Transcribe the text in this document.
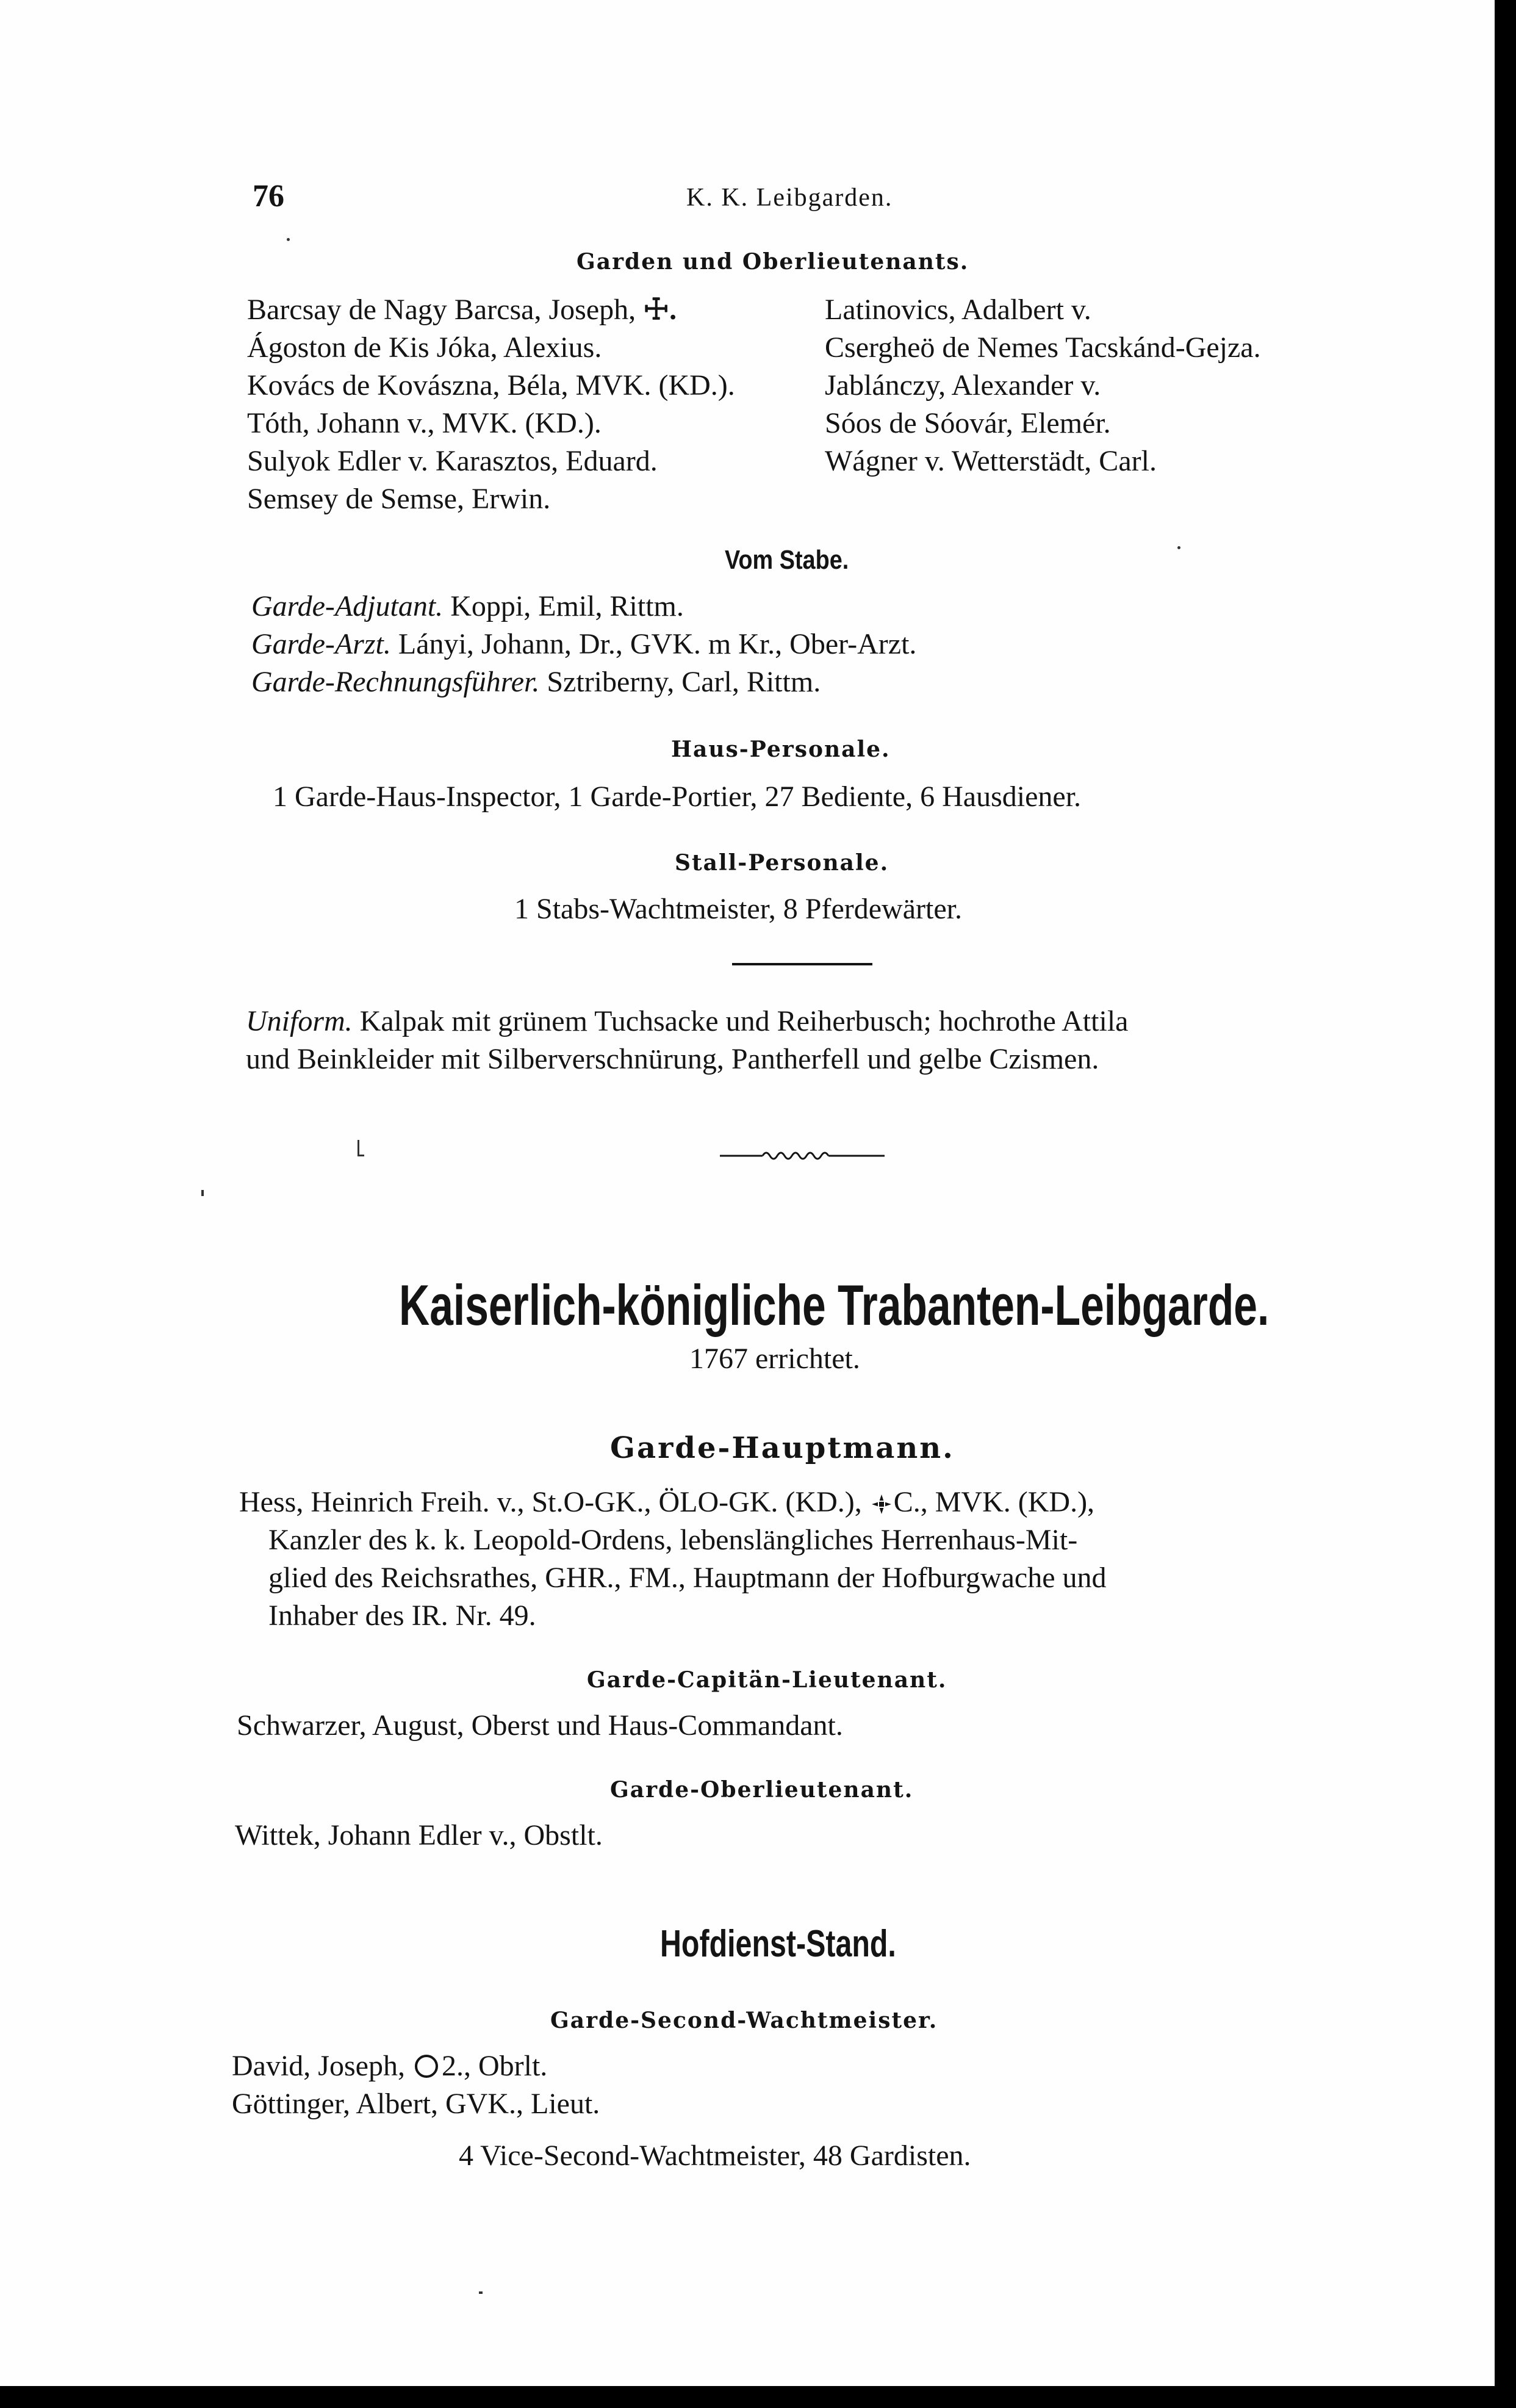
76	K. K. Leibgarden.
Garden und Oberlieutenants.
Barcsay de Nagy Barcsa, Joseph, ☩.
Ágoston de Kis Jóka, Alexius.
Kovács de Kovászna, Béla, MVK. (KD.).
Tóth, Johann v., MVK. (KD.).
Sulyok Edler v. Karasztos, Eduard.
Semsey de Semse, Erwin.
Latinovics, Adalbert v.
Csergheö de Nemes Tacskánd-Gejza.
Jablánczy, Alexander v.
Sóos de Sóovár, Elemér.
Wágner v. Wetterstädt, Carl.
Vom Stabe.
Garde-Adjutant. Koppi, Emil, Rittm.
Garde-Arzt. Lányi, Johann, Dr., GVK. m Kr., Ober-Arzt.
Garde-Rechnungsführer. Sztriberny, Carl, Rittm.
Haus-Personale.
1 Garde-Haus-Inspector, 1 Garde-Portier, 27 Bediente, 6 Hausdiener.
Stall-Personale.
1 Stabs-Wachtmeister, 8 Pferdewärter.
Uniform. Kalpak mit grünem Tuchsacke und Reiherbusch; hochrothe Attila
und Beinkleider mit Silberverschnürung, Pantherfell und gelbe Czismen.
Kaiserlich-königliche Trabanten-Leibgarde.
1767 errichtet.
Garde-Hauptmann.
Hess, Heinrich Freih. v., St.O-GK., ÖLO-GK. (KD.), C., MVK. (KD.),
Kanzler des k. k. Leopold-Ordens, lebenslängliches Herrenhaus-Mit-
glied des Reichsrathes, GHR., FM., Hauptmann der Hofburgwache und
Inhaber des IR. Nr. 49.
Garde-Capitän-Lieutenant.
Schwarzer, August, Oberst und Haus-Commandant.
Garde-Oberlieutenant.
Wittek, Johann Edler v., Obstlt.
Hofdienst-Stand.
Garde-Second-Wachtmeister.
David, Joseph, 2., Obrlt.
Göttinger, Albert, GVK., Lieut.
4 Vice-Second-Wachtmeister, 48 Gardisten.
